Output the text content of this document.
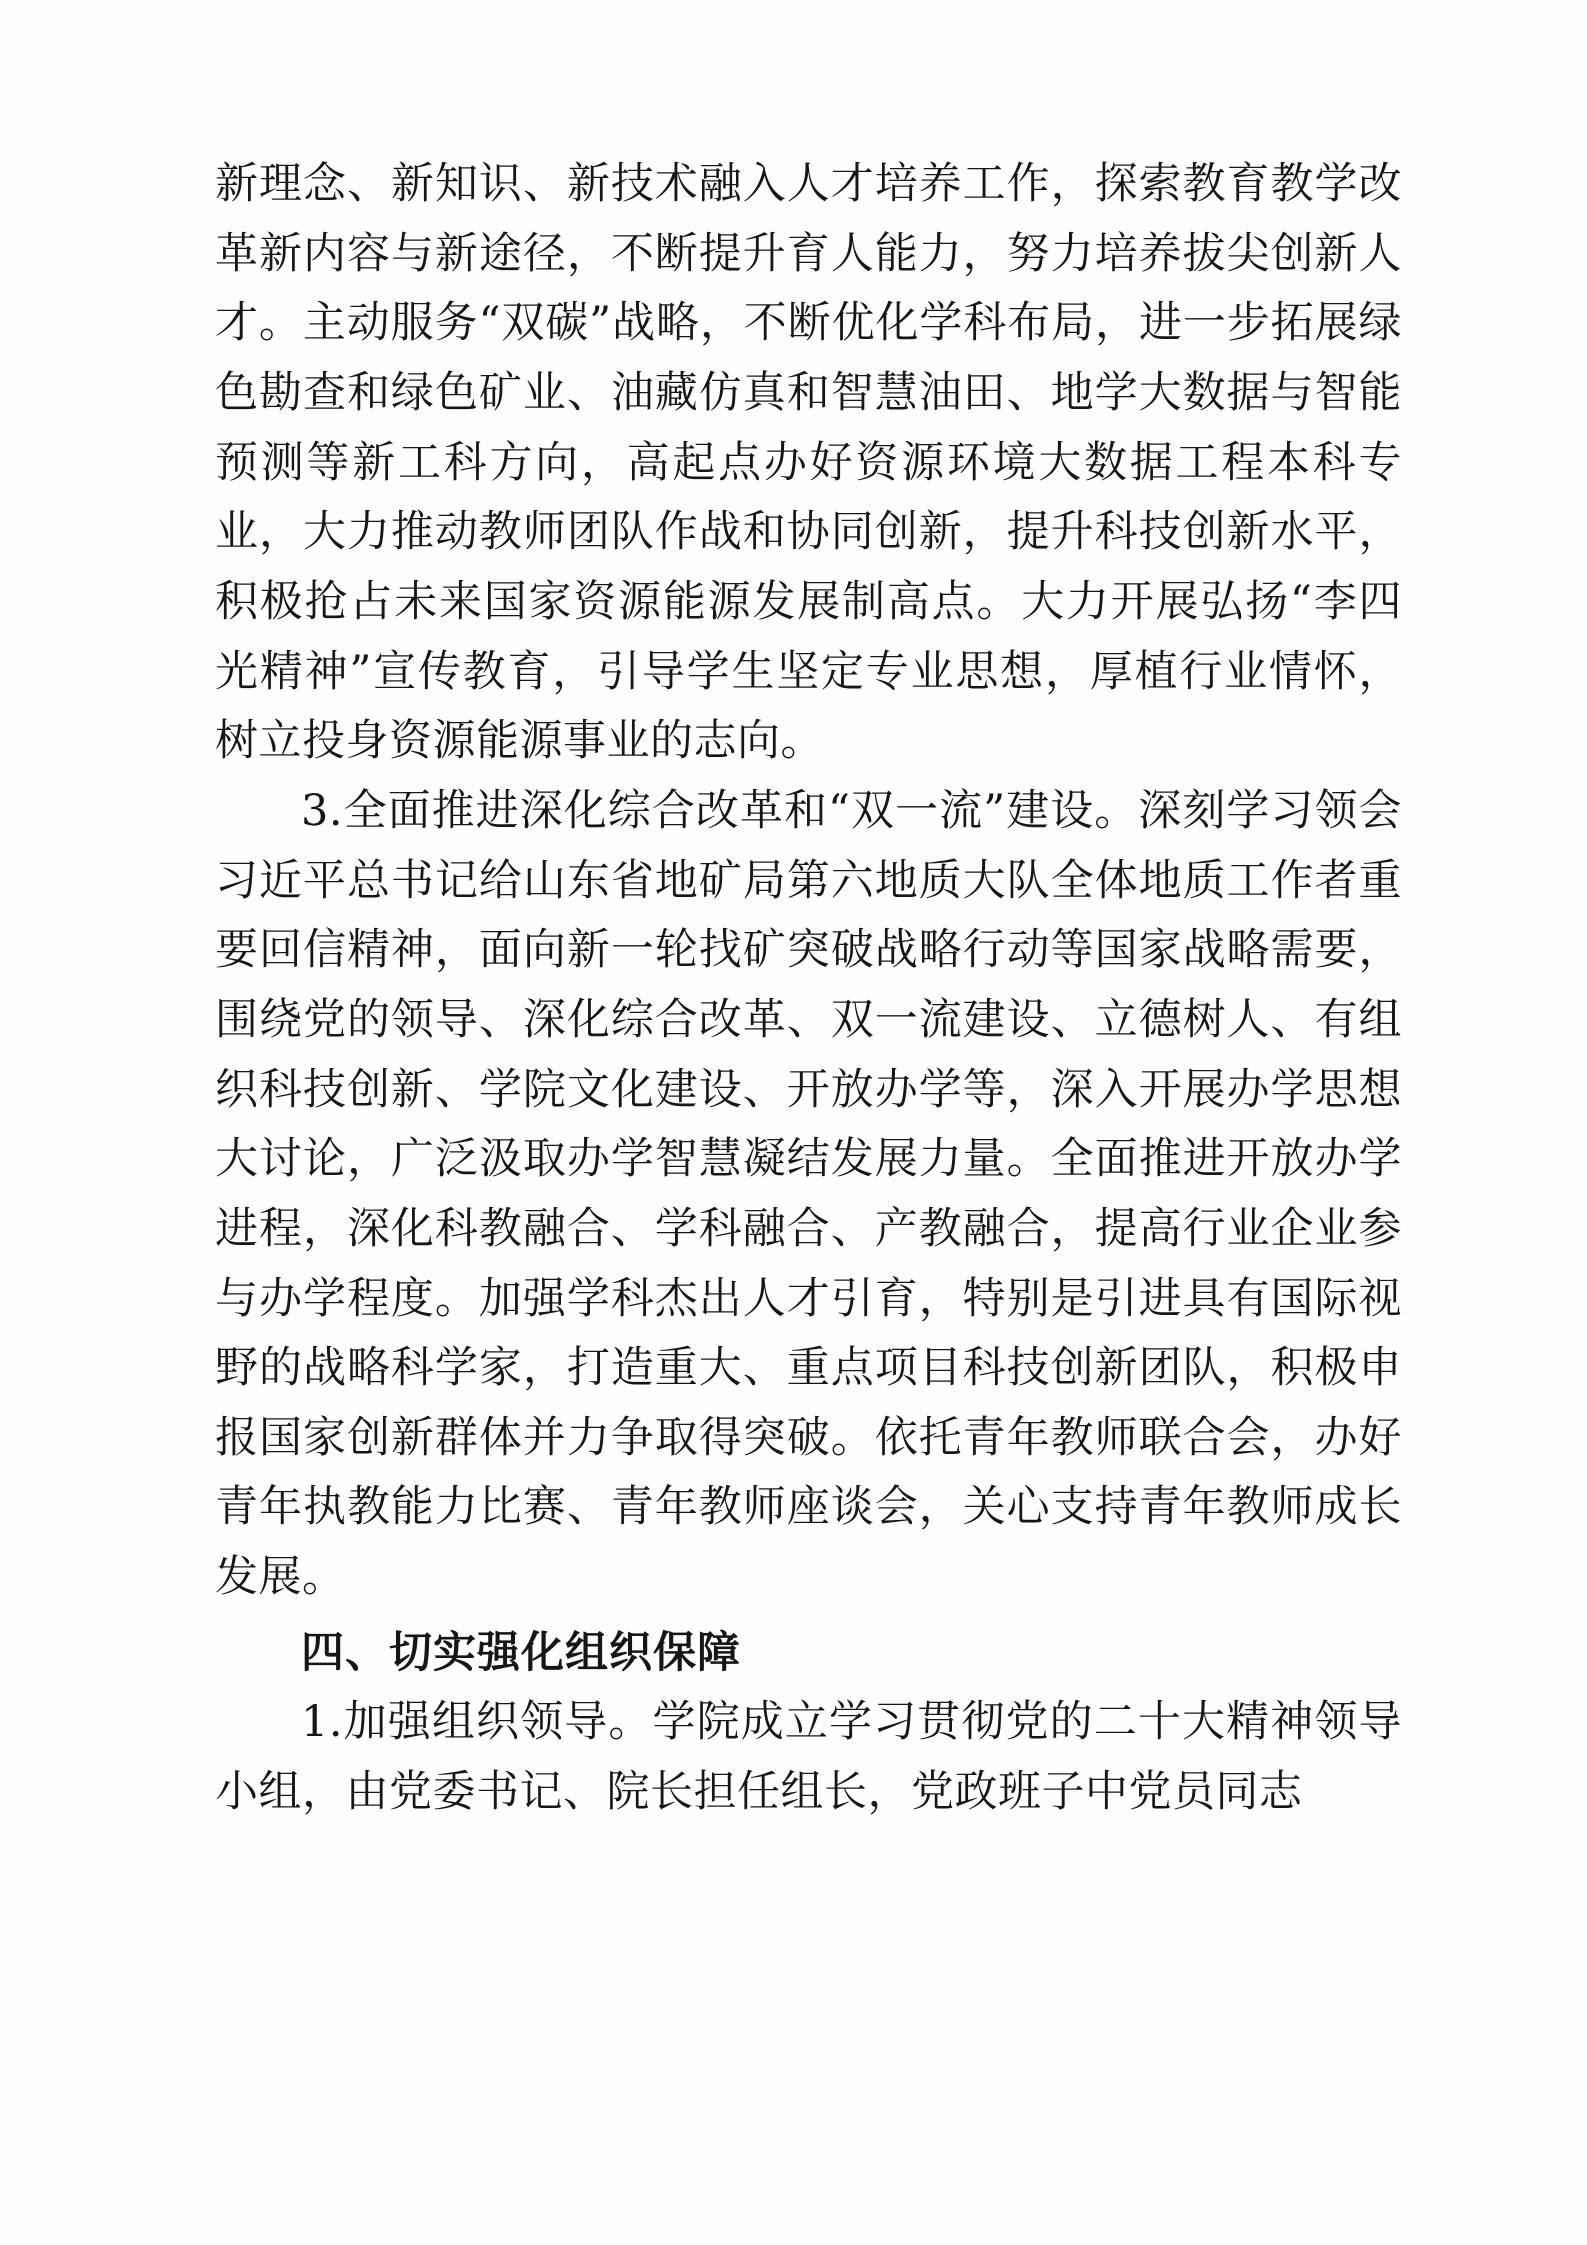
新理念、新知识、新技术融入人才培养工作，探索教育教学改革新内容与新途径，不断提升育人能力，努力培养拔尖创新人才。主动服务“双碳”战略，不断优化学科布局，进一步拓展绿色勘查和绿色矿业、油藏仿真和智慧油田、地学大数据与智能预测等新工科方向，高起点办好资源环境大数据工程本科专业，大力推动教师团队作战和协同创新，提升科技创新水平，积极抢占未来国家资源能源发展制高点。大力开展弘扬“李四光精神”宣传教育，引导学生坚定专业思想，厚植行业情怀，树立投身资源能源事业的志向。

3.全面推进深化综合改革和“双一流”建设。深刻学习领会习近平总书记给山东省地矿局第六地质大队全体地质工作者重要回信精神，面向新一轮找矿突破战略行动等国家战略需要，围绕党的领导、深化综合改革、双一流建设、立德树人、有组织科技创新、学院文化建设、开放办学等，深入开展办学思想大讨论，广泛汲取办学智慧凝结发展力量。全面推进开放办学进程，深化科教融合、学科融合、产教融合，提高行业企业参与办学程度。加强学科杰出人才引育，特别是引进具有国际视野的战略科学家，打造重大、重点项目科技创新团队，积极申报国家创新群体并力争取得突破。依托青年教师联合会，办好青年执教能力比赛、青年教师座谈会，关心支持青年教师成长发展。

四、切实强化组织保障

1.加强组织领导。学院成立学习贯彻党的二十大精神领导小组，由党委书记、院长担任组长，党政班子中党员同志
